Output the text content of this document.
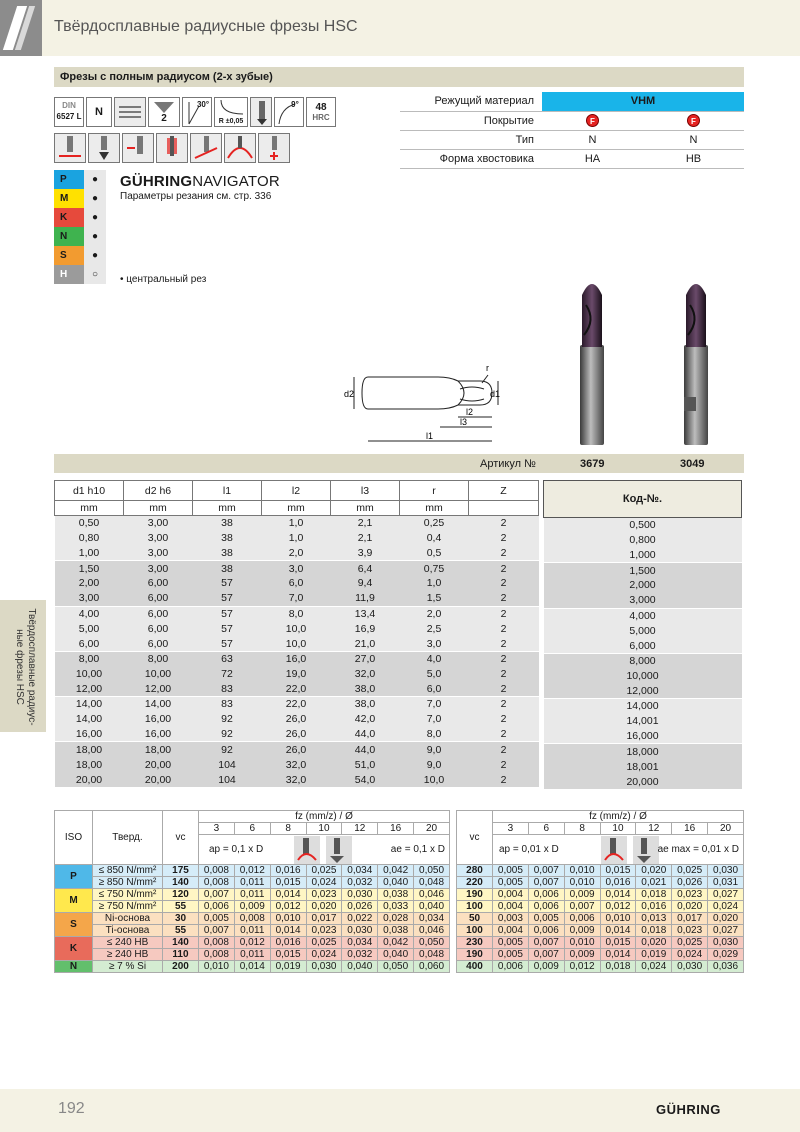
Твёрдосплавные радиусные фрезы HSC
Фрезы с полным радиусом (2-х зубые)
DIN
6527 L	N
2
30°
R ±0,05
9°	48
HRC
P	●
M	●
K	●
N	●
S	●
H	○
GÜHRINGNAVIGATOR
Параметры резания см. стр. 336
• центральный рез
Режущий материал	VHM	
Покрытие	F	F
Тип	N	N
Форма хвостовика	HA	HB
d2	d1
r
l1
l2
l3
Артикул №	3679	3049
d1 h10	d2 h6	l1	l2	l3	r	Z
mm	mm	mm	mm	mm	mm	
0,50	3,00	38	1,0	2,1	0,25	2
0,80	3,00	38	1,0	2,1	0,4	2
1,00	3,00	38	2,0	3,9	0,5	2
1,50	3,00	38	3,0	6,4	0,75	2
2,00	6,00	57	6,0	9,4	1,0	2
3,00	6,00	57	7,0	11,9	1,5	2
4,00	6,00	57	8,0	13,4	2,0	2
5,00	6,00	57	10,0	16,9	2,5	2
6,00	6,00	57	10,0	21,0	3,0	2
8,00	8,00	63	16,0	27,0	4,0	2
10,00	10,00	72	19,0	32,0	5,0	2
12,00	12,00	83	22,0	38,0	6,0	2
14,00	14,00	83	22,0	38,0	7,0	2
14,00	16,00	92	26,0	42,0	7,0	2
16,00	16,00	92	26,0	44,0	8,0	2
18,00	18,00	92	26,0	44,0	9,0	2
18,00	20,00	104	32,0	51,0	9,0	2
20,00	20,00	104	32,0	54,0	10,0	2
Код-№.
0,500
0,800
1,000
1,500
2,000
3,000
4,000
5,000
6,000
8,000
10,000
12,000
14,000
14,001
16,000
18,000
18,001
20,000
Твёрдосплавные радиус-ные фрезы HSC
ISO	Тверд.	vc	fz (mm/z) / Ø						
			3	6	8	10	12	16	20

			ap = 0,1 x D ae = 0,1 x D						

P	≤ 850 N/mm²	175	0,008	0,012	0,016	0,025	0,034	0,042	0,050
	≥ 850 N/mm²	140	0,008	0,011	0,015	0,024	0,032	0,040	0,048
M	≤ 750 N/mm²	120	0,007	0,011	0,014	0,023	0,030	0,038	0,046
	≥ 750 N/mm²	55	0,006	0,009	0,012	0,020	0,026	0,033	0,040
S	Ni-основа	30	0,005	0,008	0,010	0,017	0,022	0,028	0,034
	Ti-основа	55	0,007	0,011	0,014	0,023	0,030	0,038	0,046
K	≤ 240 HB	140	0,008	0,012	0,016	0,025	0,034	0,042	0,050
	≥ 240 HB	110	0,008	0,011	0,015	0,024	0,032	0,040	0,048
N	≥ 7 % Si	200	0,010	0,014	0,019	0,030	0,040	0,050	0,060
vc	fz (mm/z) / Ø						
	3	6	8	10	12	16	20

	ap = 0,01 x D ae max = 0,01 x D						

280	0,005	0,007	0,010	0,015	0,020	0,025	0,030
220	0,005	0,007	0,010	0,016	0,021	0,026	0,031
190	0,004	0,006	0,009	0,014	0,018	0,023	0,027
100	0,004	0,006	0,007	0,012	0,016	0,020	0,024
50	0,003	0,005	0,006	0,010	0,013	0,017	0,020
100	0,004	0,006	0,009	0,014	0,018	0,023	0,027
230	0,005	0,007	0,010	0,015	0,020	0,025	0,030
190	0,005	0,007	0,009	0,014	0,019	0,024	0,029
400	0,006	0,009	0,012	0,018	0,024	0,030	0,036
192	GÜHRING
